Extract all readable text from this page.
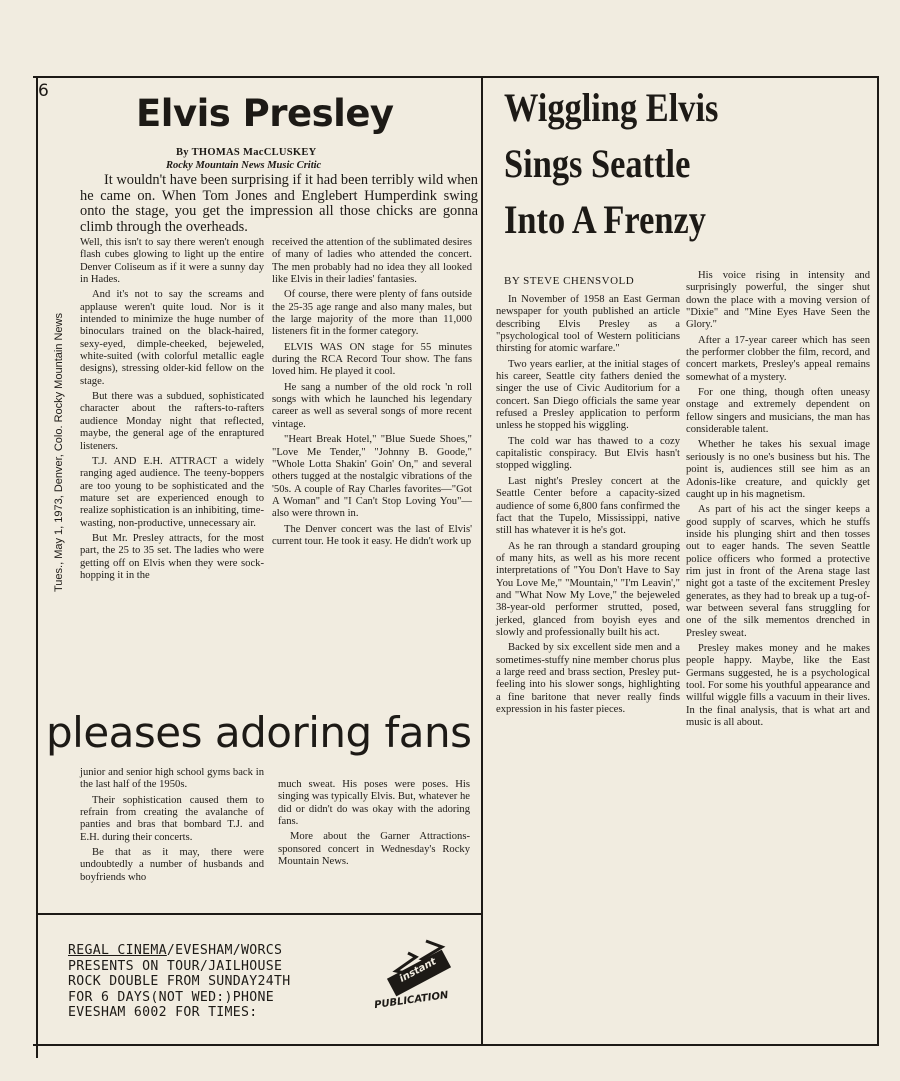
6
Tues., May 1, 1973, Denver, Colo. Rocky Mountain News
Elvis Presley
By THOMAS MacCLUSKEY
Rocky Mountain News Music Critic
It wouldn't have been surprising if it had been terribly wild when he came on. When Tom Jones and Englebert Humperdink swing onto the stage, you get the impression all those chicks are gonna climb through the overheads.

Well, this isn't to say there weren't enough flash cubes glowing to light up the entire Denver Coliseum as if it were a sunny day in Hades.

And it's not to say the screams and applause weren't quite loud. Nor is it intended to minimize the huge number of binoculars trained on the black-haired, sexy-eyed, dimple-cheeked, bejeweled, white-suited (with colorful metallic eagle designs), stressing older-kid fellow on the stage.

But there was a subdued, sophisticated character about the rafters-to-rafters audience Monday night that reflected, maybe, the general age of the enraptured listeners.

T.J. AND E.H. ATTRACT a widely ranging aged audience. The teeny-boppers are too young to be sophisticated and the mature set are experienced enough to realize sophistication is an inhibiting, time-wasting, non-productive, unnecessary air.

But Mr. Presley attracts, for the most part, the 25 to 35 set. The ladies who were getting off on Elvis when they were sock-hopping it in the

received the attention of the sublimated desires of many of ladies who attended the concert. The men probably had no idea they all looked like Elvis in their ladies' fantasies.

Of course, there were plenty of fans outside the 25-35 age range and also many males, but the large majority of the more than 11,000 listeners fit in the former category.

ELVIS WAS ON stage for 55 minutes during the RCA Record Tour show. The fans loved him. He played it cool.

He sang a number of the old rock 'n roll songs with which he launched his legendary career as well as several songs of more recent vintage.

"Heart Break Hotel," "Blue Suede Shoes," "Love Me Tender," "Johnny B. Goode," "Whole Lotta Shakin' Goin' On," and several others tugged at the nostalgic vibrations of the '50s. A couple of Ray Charles favorites—"Got A Woman" and "I Can't Stop Loving You"—also were thrown in.

The Denver concert was the last of Elvis' current tour. He took it easy. He didn't work up

pleases adoring fans

junior and senior high school gyms back in the last half of the 1950s.

Their sophistication caused them to refrain from creating the avalanche of panties and bras that bombard T.J. and E.H. during their concerts.

Be that as it may, there were undoubtedly a number of husbands and boyfriends who

much sweat. His poses were poses. His singing was typically Elvis. But, whatever he did or didn't do was okay with the adoring fans.

More about the Garner Attractions-sponsored concert in Wednesday's Rocky Mountain News.

REGAL CINEMA/EVESHAM/WORCS
PRESENTS ON TOUR/JAILHOUSE
ROCK DOUBLE FROM SUNDAY24TH
FOR 6 DAYS(NOT WED:)PHONE
EVESHAM 6002 FOR TIMES:
instant
PUBLICATION
Wiggling Elvis
Sings Seattle
Into A Frenzy
BY STEVE CHENSVOLD

In November of 1958 an East German newspaper for youth published an article describing Elvis Presley as a "psychological tool of Western politicians thirsting for atomic warfare."

Two years earlier, at the initial stages of his career, Seattle city fathers denied the singer the use of Civic Auditorium for a concert. San Diego officials the same year refused a Presley application to perform unless he stopped his wiggling.

The cold war has thawed to a cozy capitalistic conspiracy. But Elvis hasn't stopped wiggling.

Last night's Presley concert at the Seattle Center before a capacity-sized audience of some 6,800 fans confirmed the fact that the Tupelo, Mississippi, native still has whatever it is he's got.

As he ran through a standard grouping of many hits, as well as his more recent interpretations of "You Don't Have to Say You Love Me," "Mountain," "I'm Leavin'," and "What Now My Love," the bejeweled 38-year-old performer strutted, posed, jerked, glanced from boyish eyes and slowly and professionally built his act.

Backed by six excellent side men and a sometimes-stuffy nine member chorus plus a large reed and brass section, Presley put-feeling into his slower songs, highlighting a fine baritone that never really finds expression in his faster pieces.

His voice rising in intensity and surprisingly powerful, the singer shut down the place with a moving version of "Dixie" and "Mine Eyes Have Seen the Glory."

After a 17-year career which has seen the performer clobber the film, record, and concert markets, Presley's appeal remains somewhat of a mystery.

For one thing, though often uneasy onstage and extremely dependent on fellow singers and musicians, the man has considerable talent.

Whether he takes his sexual image seriously is no one's business but his. The point is, audiences still see him as an Adonis-like creature, and quickly get caught up in his magnetism.

As part of his act the singer keeps a good supply of scarves, which he stuffs inside his plunging shirt and then tosses out to eager hands. The seven Seattle police officers who formed a protective rim just in front of the Arena stage last night got a taste of the excitement Presley generates, as they had to break up a tug-of-war between several fans struggling for one of the silk mementos drenched in Presley sweat.

Presley makes money and he makes people happy. Maybe, like the East Germans suggested, he is a psychological tool. For some his youthful appearance and willful wiggle fills a vacuum in their lives. In the final analysis, that is what art and music is all about.
